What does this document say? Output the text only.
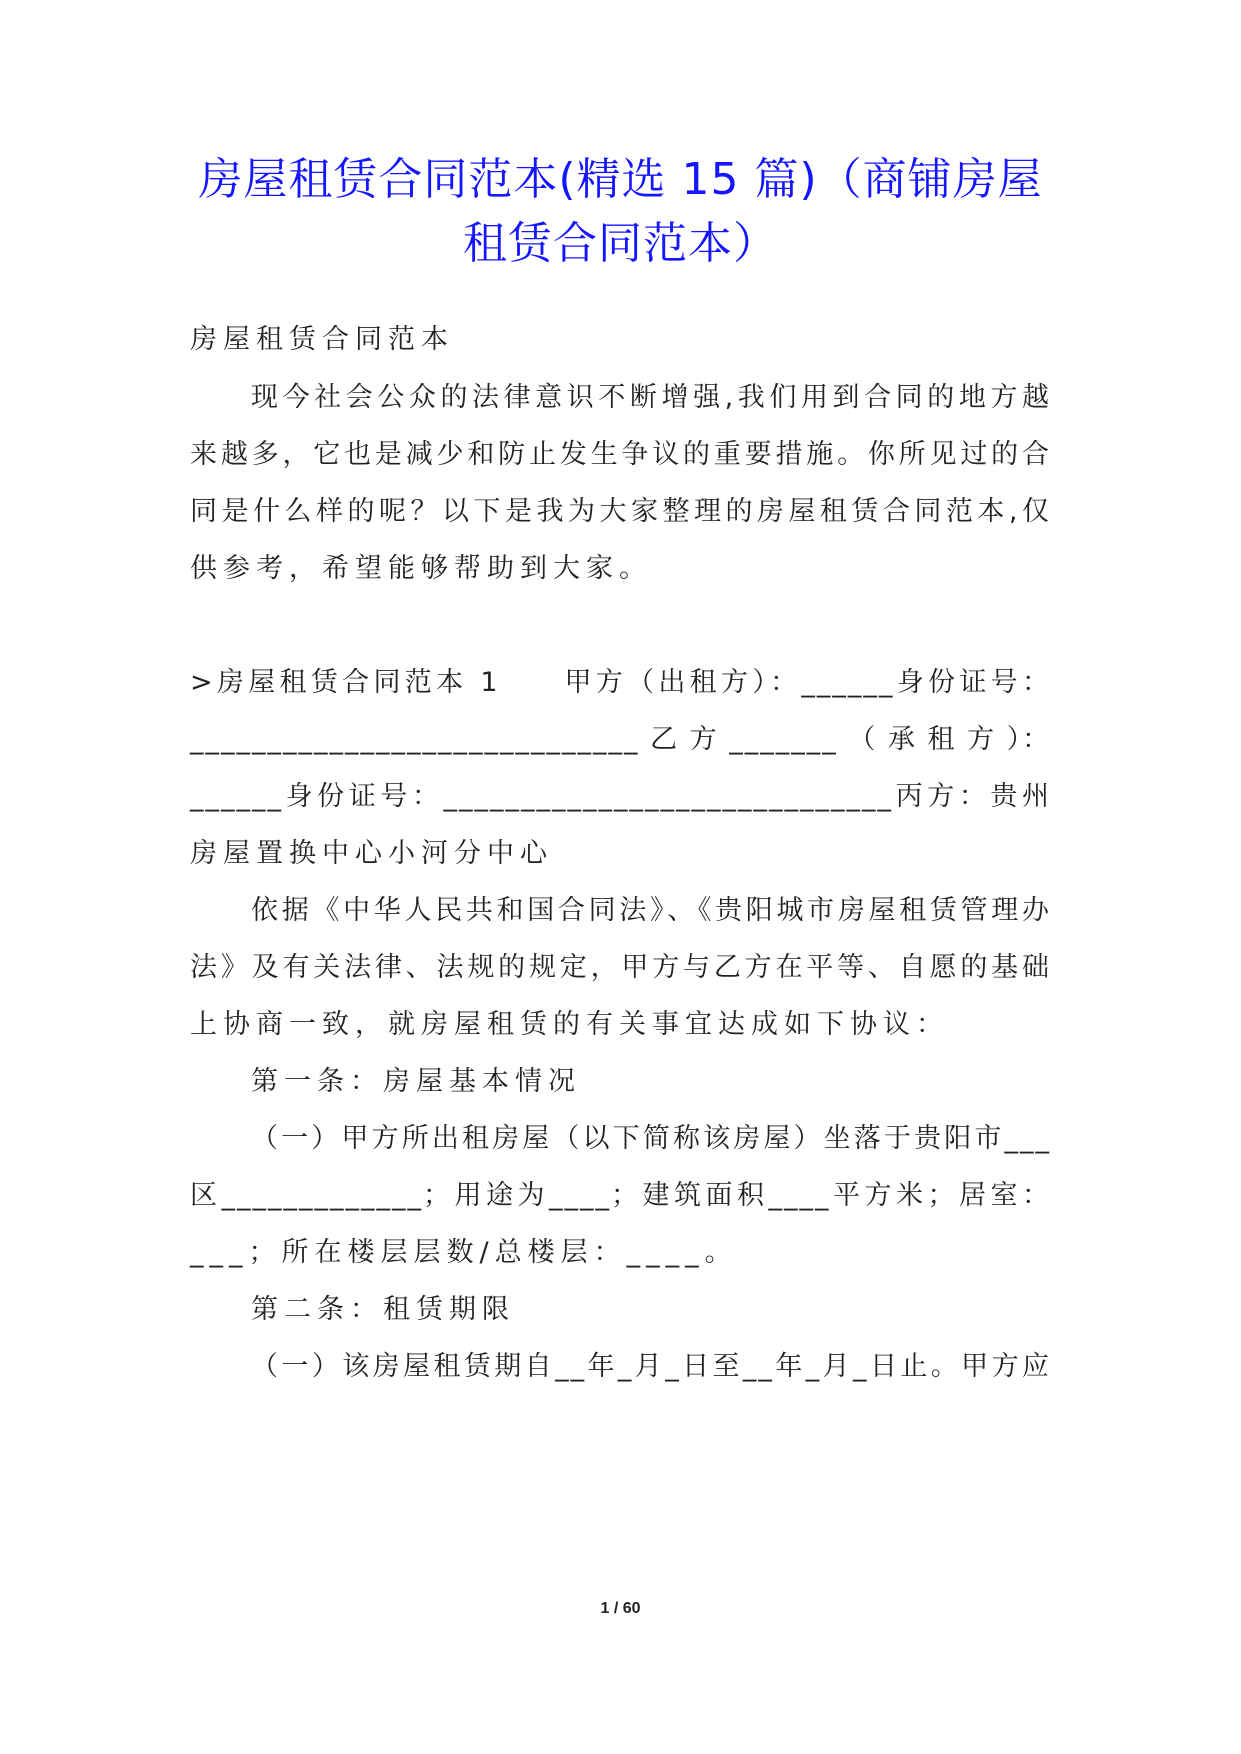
房屋租赁合同范本(精选 15 篇)（商铺房屋
租赁合同范本）

房屋租赁合同范本

现今社会公众的法律意识不断增强,我们用到合同的地方越

来越多，它也是减少和防止发生争议的重要措施。你所见过的合

同是什么样的呢？以下是我为大家整理的房屋租赁合同范本,仅

供参考，希望能够帮助到大家。

>房屋租赁合同范本 1　　甲方（出租方）：______身份证号：

_____________________________ 乙 方 _______ （ 承 租 方 ）：

______身份证号：_____________________________丙方：贵州

房屋置换中心小河分中心

依据《中华人民共和国合同法》、《贵阳城市房屋租赁管理办

法》及有关法律、法规的规定，甲方与乙方在平等、自愿的基础

上协商一致，就房屋租赁的有关事宜达成如下协议：

第一条：房屋基本情况

（一）甲方所出租房屋（以下简称该房屋）坐落于贵阳市___

区_____________；用途为____；建筑面积____平方米；居室：

___；所在楼层层数/总楼层：____。

第二条：租赁期限

（一）该房屋租赁期自__年_月_日至__年_月_日止。甲方应

1 / 60
